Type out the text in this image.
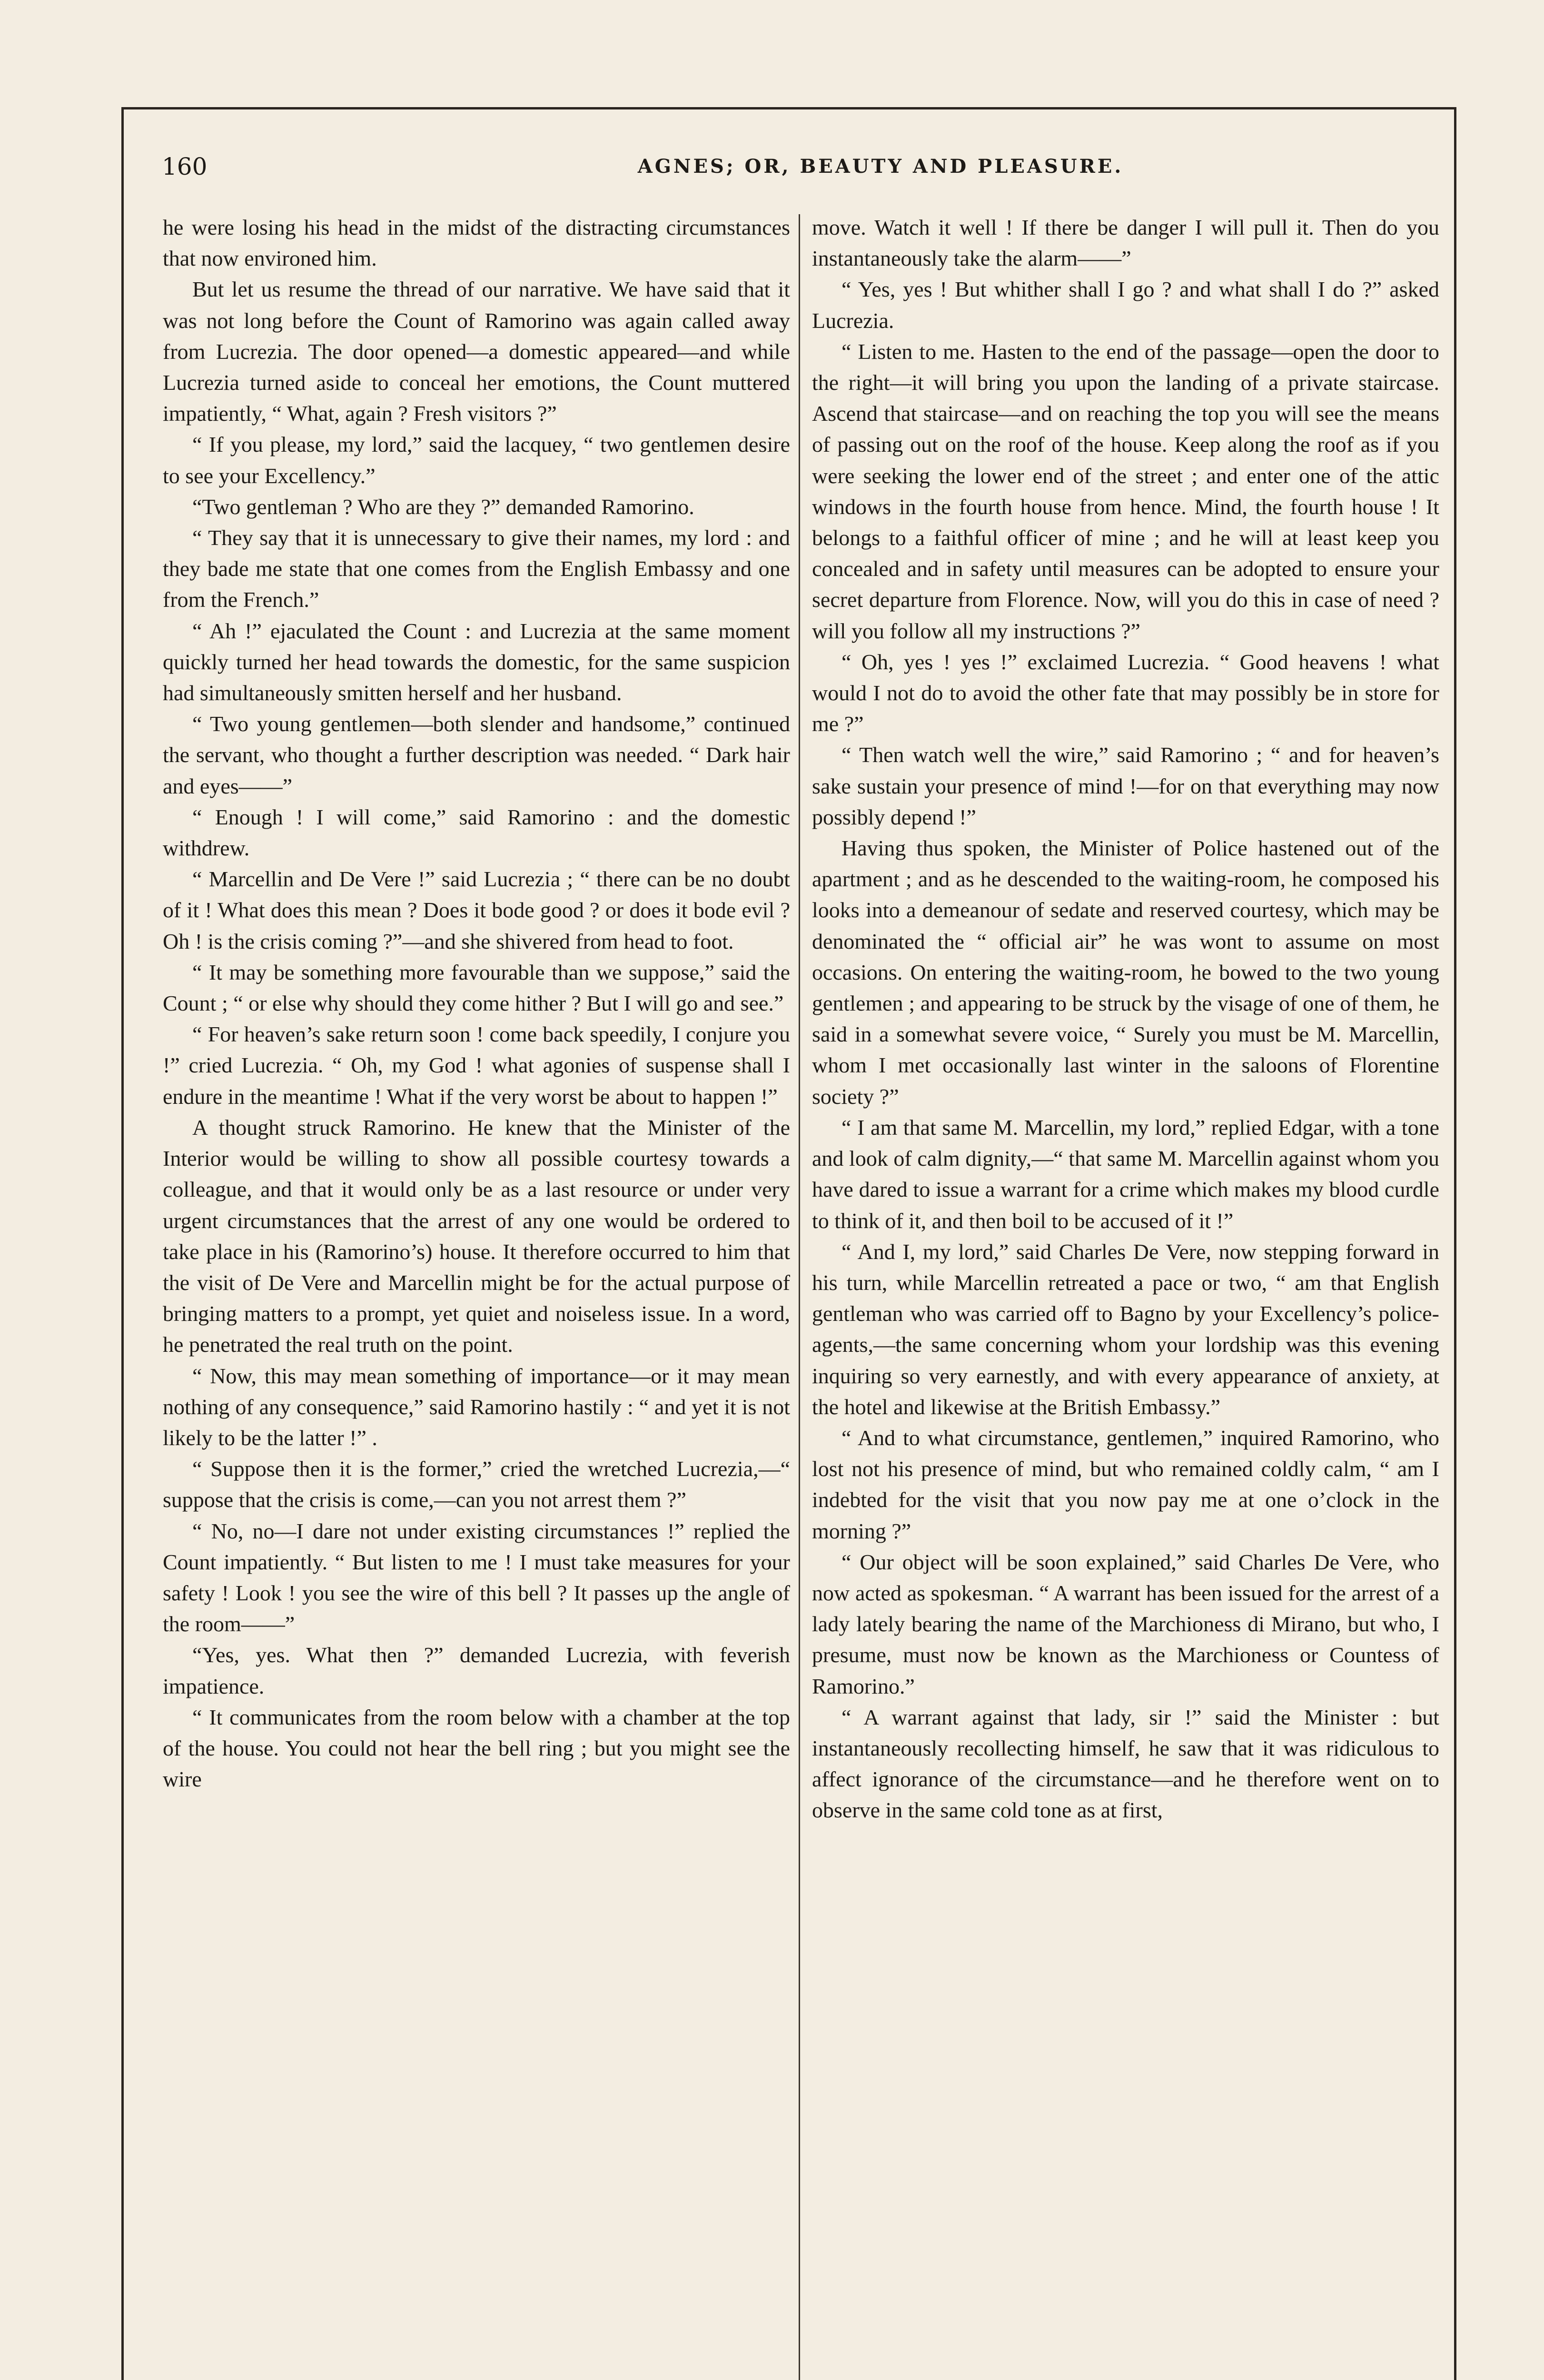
160	AGNES; OR, BEAUTY AND PLEASURE.

he were losing his head in the midst of the distracting circumstances that now environed him.

But let us resume the thread of our narrative. We have said that it was not long before the Count of Ramorino was again called away from Lucrezia. The door opened—a domestic appeared—and while Lucrezia turned aside to conceal her emotions, the Count muttered impatiently, “ What, again ? Fresh visitors ?”

“ If you please, my lord,” said the lacquey, “ two gentlemen desire to see your Excellency.”

“Two gentleman ? Who are they ?” demanded Ramorino.

“ They say that it is unnecessary to give their names, my lord : and they bade me state that one comes from the English Embassy and one from the French.”

“ Ah !” ejaculated the Count : and Lucrezia at the same moment quickly turned her head towards the domestic, for the same suspicion had simultaneously smitten herself and her husband.

“ Two young gentlemen—both slender and handsome,” continued the servant, who thought a further description was needed. “ Dark hair and eyes——”

“ Enough ! I will come,” said Ramorino : and the domestic withdrew.

“ Marcellin and De Vere !” said Lucrezia ; “ there can be no doubt of it ! What does this mean ? Does it bode good ? or does it bode evil ? Oh ! is the crisis coming ?”—and she shivered from head to foot.

“ It may be something more favourable than we suppose,” said the Count ; “ or else why should they come hither ? But I will go and see.”

“ For heaven’s sake return soon ! come back speedily, I conjure you !” cried Lucrezia. “ Oh, my God ! what agonies of suspense shall I endure in the meantime ! What if the very worst be about to happen !”

A thought struck Ramorino. He knew that the Minister of the Interior would be willing to show all possible courtesy towards a colleague, and that it would only be as a last resource or under very urgent circumstances that the arrest of any one would be ordered to take place in his (Ramorino’s) house. It therefore occurred to him that the visit of De Vere and Marcellin might be for the actual purpose of bringing matters to a prompt, yet quiet and noiseless issue. In a word, he penetrated the real truth on the point.

“ Now, this may mean something of importance—or it may mean nothing of any consequence,” said Ramorino hastily : “ and yet it is not likely to be the latter !” .

“ Suppose then it is the former,” cried the wretched Lucrezia,—“ suppose that the crisis is come,—can you not arrest them ?”

“ No, no—I dare not under existing circumstances !” replied the Count impatiently. “ But listen to me ! I must take measures for your safety ! Look ! you see the wire of this bell ? It passes up the angle of the room——”

“Yes, yes. What then ?” demanded Lucrezia, with feverish impatience.

“ It communicates from the room below with a chamber at the top of the house. You could not hear the bell ring ; but you might see the wire

move. Watch it well ! If there be danger I will pull it. Then do you instantaneously take the alarm——”

“ Yes, yes ! But whither shall I go ? and what shall I do ?” asked Lucrezia.

“ Listen to me. Hasten to the end of the passage—open the door to the right—it will bring you upon the landing of a private staircase. Ascend that staircase—and on reaching the top you will see the means of passing out on the roof of the house. Keep along the roof as if you were seeking the lower end of the street ; and enter one of the attic windows in the fourth house from hence. Mind, the fourth house ! It belongs to a faithful officer of mine ; and he will at least keep you concealed and in safety until measures can be adopted to ensure your secret departure from Florence. Now, will you do this in case of need ? will you follow all my instructions ?”

“ Oh, yes ! yes !” exclaimed Lucrezia. “ Good heavens ! what would I not do to avoid the other fate that may possibly be in store for me ?”

“ Then watch well the wire,” said Ramorino ; “ and for heaven’s sake sustain your presence of mind !—for on that everything may now possibly depend !”

Having thus spoken, the Minister of Police hastened out of the apartment ; and as he descended to the waiting-room, he composed his looks into a demeanour of sedate and reserved courtesy, which may be denominated the “ official air” he was wont to assume on most occasions. On entering the waiting-room, he bowed to the two young gentlemen ; and appearing to be struck by the visage of one of them, he said in a somewhat severe voice, “ Surely you must be M. Marcellin, whom I met occasionally last winter in the saloons of Florentine society ?”

“ I am that same M. Marcellin, my lord,” replied Edgar, with a tone and look of calm dignity,—“ that same M. Marcellin against whom you have dared to issue a warrant for a crime which makes my blood curdle to think of it, and then boil to be accused of it !”

“ And I, my lord,” said Charles De Vere, now stepping forward in his turn, while Marcellin retreated a pace or two, “ am that English gentleman who was carried off to Bagno by your Excellency’s police-agents,—the same concerning whom your lordship was this evening inquiring so very earnestly, and with every appearance of anxiety, at the hotel and likewise at the British Embassy.”

“ And to what circumstance, gentlemen,” inquired Ramorino, who lost not his presence of mind, but who remained coldly calm, “ am I indebted for the visit that you now pay me at one o’clock in the morning ?”

“ Our object will be soon explained,” said Charles De Vere, who now acted as spokesman. “ A warrant has been issued for the arrest of a lady lately bearing the name of the Marchioness di Mirano, but who, I presume, must now be known as the Marchioness or Countess of Ramorino.”

“ A warrant against that lady, sir !” said the Minister : but instantaneously recollecting himself, he saw that it was ridiculous to affect ignorance of the circumstance—and he therefore went on to observe in the same cold tone as at first,
